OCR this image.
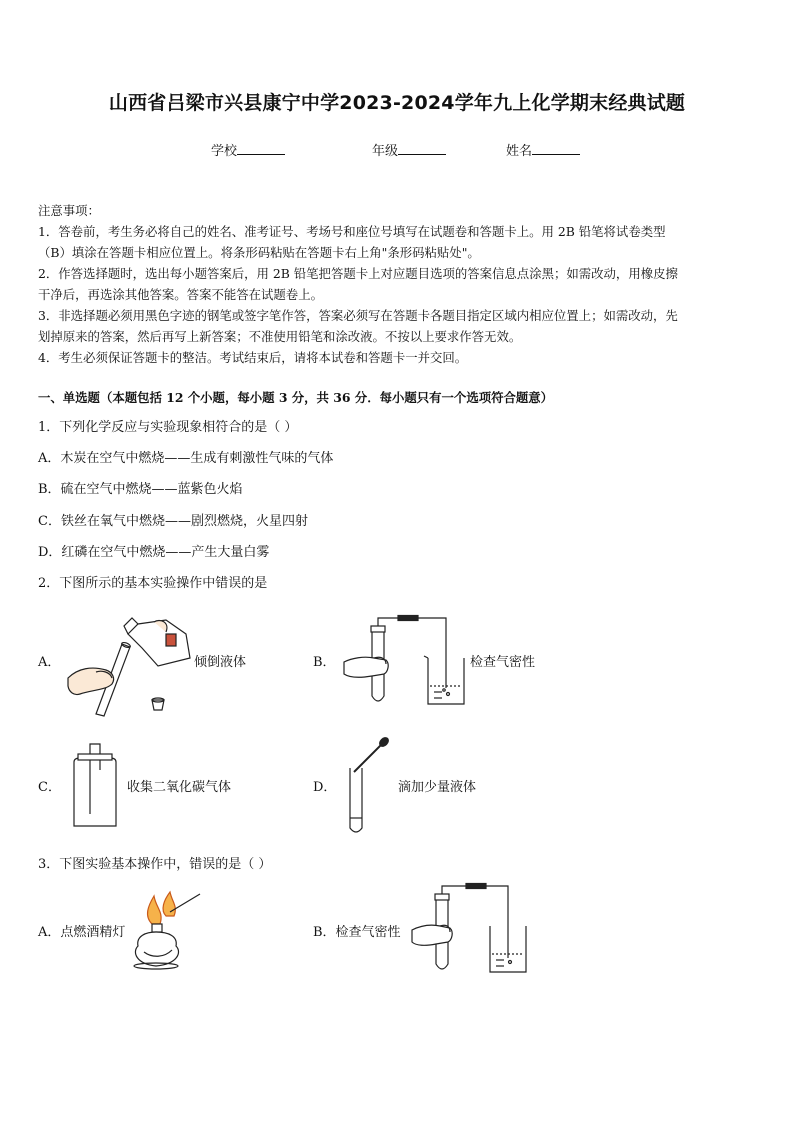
山西省吕梁市兴县康宁中学2023-2024学年九上化学期末经典试题
学校	年级	姓名

注意事项：

1．答卷前，考生务必将自己的姓名、准考证号、考场号和座位号填写在试题卷和答题卡上。用 2B 铅笔将试卷类型

（B）填涂在答题卡相应位置上。将条形码粘贴在答题卡右上角"条形码粘贴处"。

2．作答选择题时，选出每小题答案后，用 2B 铅笔把答题卡上对应题目选项的答案信息点涂黑；如需改动，用橡皮擦

干净后，再选涂其他答案。答案不能答在试题卷上。

3．非选择题必须用黑色字迹的钢笔或签字笔作答，答案必须写在答题卡各题目指定区域内相应位置上；如需改动，先

划掉原来的答案，然后再写上新答案；不准使用铅笔和涂改液。不按以上要求作答无效。

4．考生必须保证答题卡的整洁。考试结束后，请将本试卷和答题卡一并交回。

一、单选题（本题包括 12 个小题，每小题 3 分，共 36 分．每小题只有一个选项符合题意）
1．下列化学反应与实验现象相符合的是（ ）
A．木炭在空气中燃烧——生成有刺激性气味的气体
B．硫在空气中燃烧——蓝紫色火焰
C．铁丝在氧气中燃烧——剧烈燃烧，火星四射
D．红磷在空气中燃烧——产生大量白雾
2．下图所示的基本实验操作中错误的是
A．	倾倒液体	B．	检查气密性
C．	收集二氧化碳气体	D．	滴加少量液体
3．下图实验基本操作中，错误的是（ ）
A．点燃酒精灯	B．检查气密性
